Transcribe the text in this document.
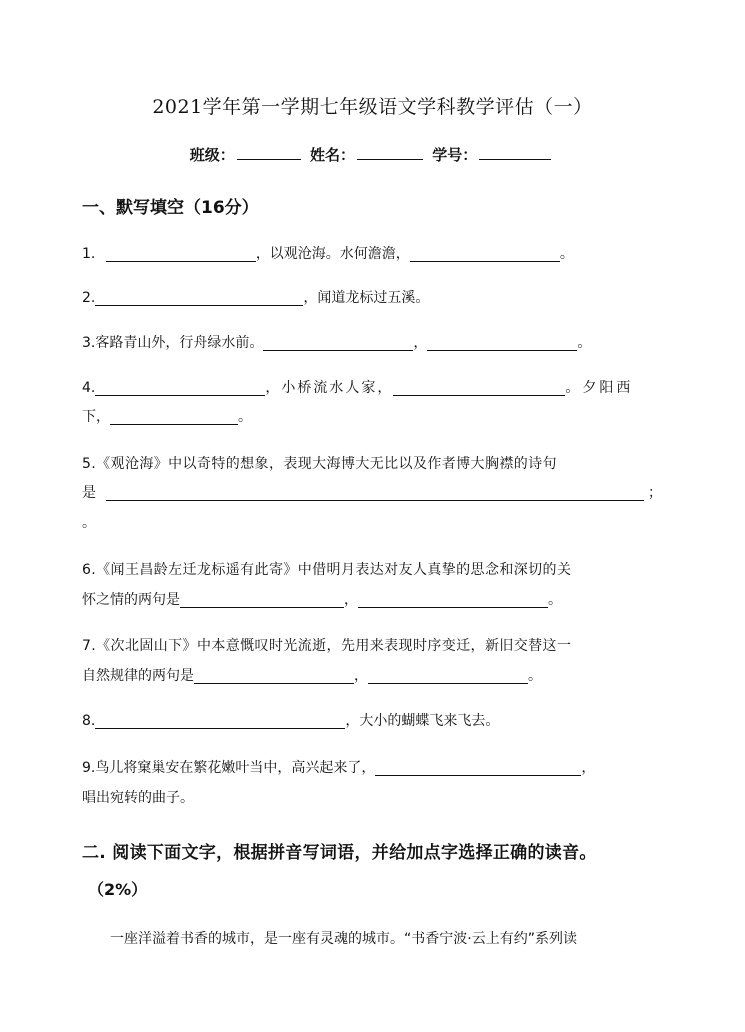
2021学年第一学期七年级语文学科教学评估（一）
班级：	姓名：	学号：
一、默写填空（16分）
1.	，以观沧海。水何澹澹，	。
2.	，闻道龙标过五溪。
3.客路青山外，行舟绿水前。	，	。
4.	，小桥流水人家，	。夕阳西
下，	。
5.《观沧海》中以奇特的想象，表现大海博大无比以及作者博大胸襟的诗句
是	；
。
6.《闻王昌龄左迁龙标遥有此寄》中借明月表达对友人真挚的思念和深切的关
怀之情的两句是	，	。
7.《次北固山下》中本意慨叹时光流逝，先用来表现时序变迁，新旧交替这一
自然规律的两句是	，	。
8.	，大小的蝴蝶飞来飞去。
9.鸟儿将窠巢安在繁花嫩叶当中，高兴起来了，	，
唱出宛转的曲子。
二. 阅读下面文字，根据拼音写词语，并给加点字选择正确的读音。
（2%）
一座洋溢着书香的城市，是一座有灵魂的城市。“书香宁波·云上有约”系列读
